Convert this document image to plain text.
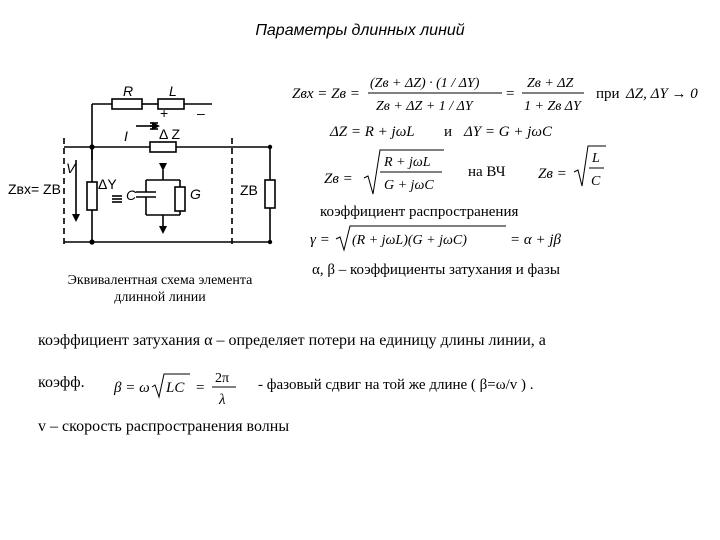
Параметры длинных линий
R	L
+ –
I Δ Z
V
Zвх= ZB	ΔY
C	G	ZB
Эквивалентная схема элемента
длинной линии
Zвх = Zв =
(Zв + ΔZ) · (1 / ΔY)
Zв + ΔZ + 1 / ΔY
=
Zв + ΔZ
1 + Zв ΔY
при ΔZ, ΔY → 0
ΔZ = R + jωL и ΔY = G + jωC
Zв =
R + jωL
G + jωC
на ВЧ Zв =
L
C
коэффициент распространения
γ = (R + jωL)(G + jωC)	= α + jβ
α, β – коэффициенты затухания и фазы
коэффициент затухания α – определяет потери на единицу длины линии, а
коэфф. β = ω LC =
2π
λ
- фазовый сдвиг на той же длине ( β=ω/v ) .
v – скорость распространения волны
